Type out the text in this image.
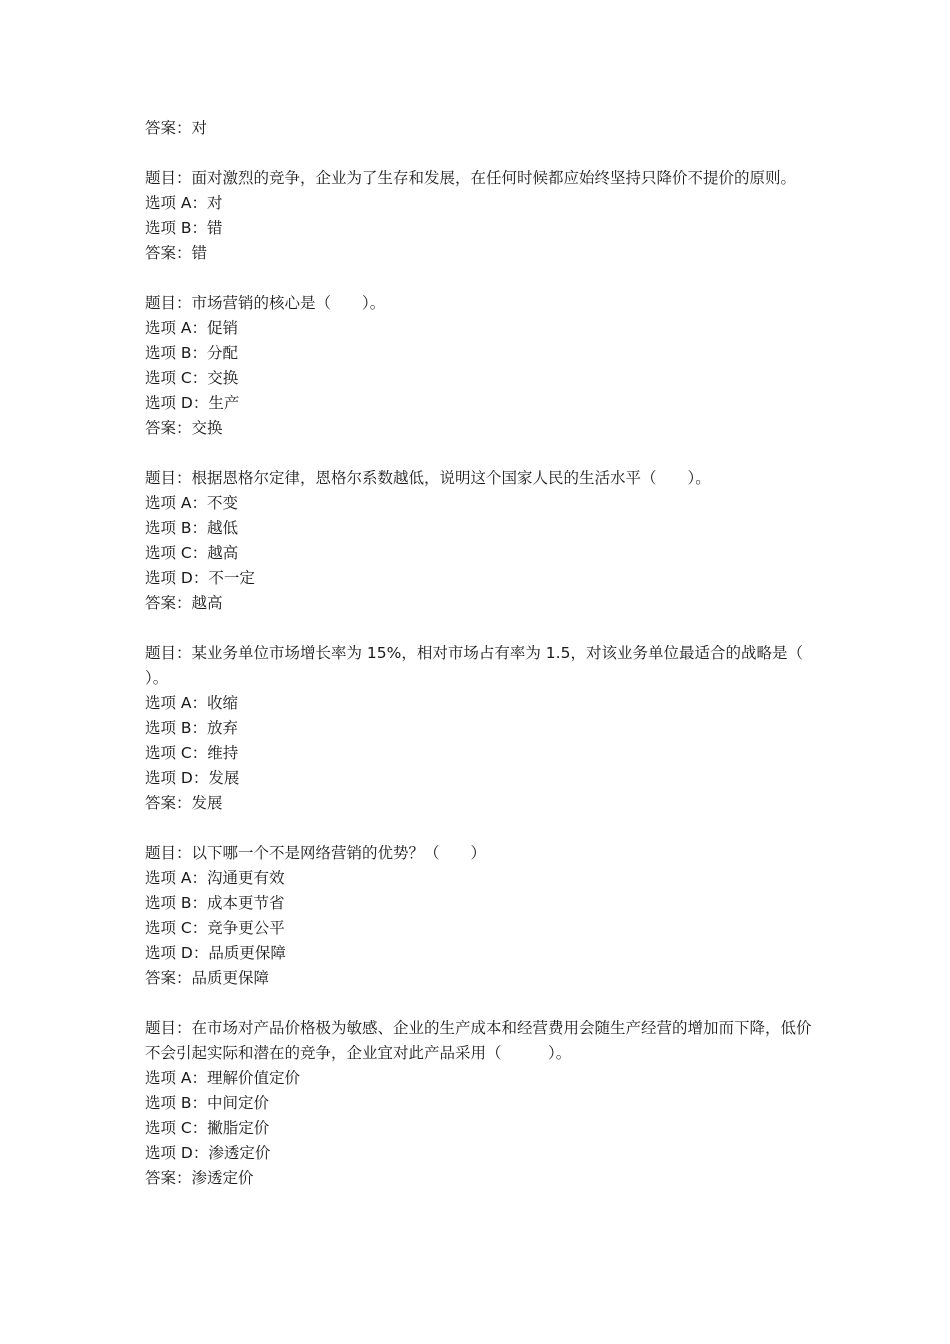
答案：对
题目：面对激烈的竞争，企业为了生存和发展，在任何时候都应始终坚持只降价不提价的原则。
选项 A：对
选项 B：错
答案：错
题目：市场营销的核心是（　　）。
选项 A：促销
选项 B：分配
选项 C：交换
选项 D：生产
答案：交换
题目：根据恩格尔定律，恩格尔系数越低，说明这个国家人民的生活水平（　　）。
选项 A：不变
选项 B：越低
选项 C：越高
选项 D：不一定
答案：越高
题目：某业务单位市场增长率为 15%，相对市场占有率为 1.5，对该业务单位最适合的战略是（　　）。
选项 A：收缩
选项 B：放弃
选项 C：维持
选项 D：发展
答案：发展
题目：以下哪一个不是网络营销的优势？（　　）
选项 A：沟通更有效
选项 B：成本更节省
选项 C：竞争更公平
选项 D：品质更保障
答案：品质更保障
题目：在市场对产品价格极为敏感、企业的生产成本和经营费用会随生产经营的增加而下降，低价不会引起实际和潜在的竞争，企业宜对此产品采用（　　　）。
选项 A：理解价值定价
选项 B：中间定价
选项 C：撇脂定价
选项 D：渗透定价
答案：渗透定价
